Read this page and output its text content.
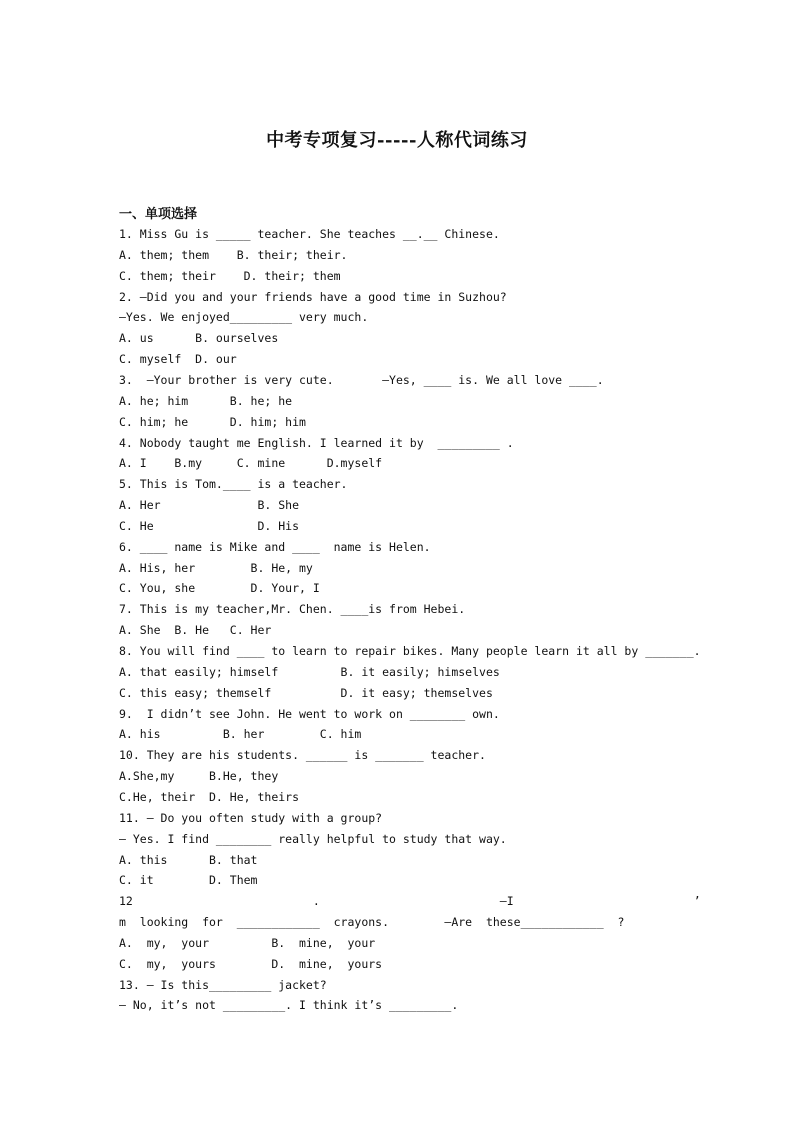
中考专项复习-----人称代词练习
一、单项选择
1. Miss Gu is _____ teacher. She teaches __.__ Chinese.
A. them; them    B. their; their.
C. them; their    D. their; them
2. —Did you and your friends have a good time in Suzhou?
—Yes. We enjoyed_________ very much.
A. us      B. ourselves
C. myself  D. our
3.  —Your brother is very cute.       —Yes, ____ is. We all love ____.
A. he; him      B. he; he
C. him; he      D. him; him
4. Nobody taught me English. I learned it by  _________ .
A. I    B.my     C. mine      D.myself
5. This is Tom.____ is a teacher.
A. Her              B. She
C. He               D. His
6. ____ name is Mike and ____  name is Helen.
A. His, her        B. He, my
C. You, she        D. Your, I
7. This is my teacher,Mr. Chen. ____is from Hebei.
A. She  B. He   C. Her
8. You will find ____ to learn to repair bikes. Many people learn it all by _______.
A. that easily; himself         B. it easily; himselves
C. this easy; themself          D. it easy; themselves
9.  I didn’t see John. He went to work on ________ own.
A. his         B. her        C. him
10. They are his students. ______ is _______ teacher.
A.She,my     B.He, they
C.He, their  D. He, theirs
11. — Do you often study with a group?
— Yes. I find ________ really helpful to study that way.
A. this      B. that
C. it        D. Them
12                          .                          —I                          ’
m  looking  for  ____________  crayons.        —Are  these____________  ?
A.  my,  your         B.  mine,  your
C.  my,  yours        D.  mine,  yours
13. — Is this_________ jacket?
— No, it’s not _________. I think it’s _________.
